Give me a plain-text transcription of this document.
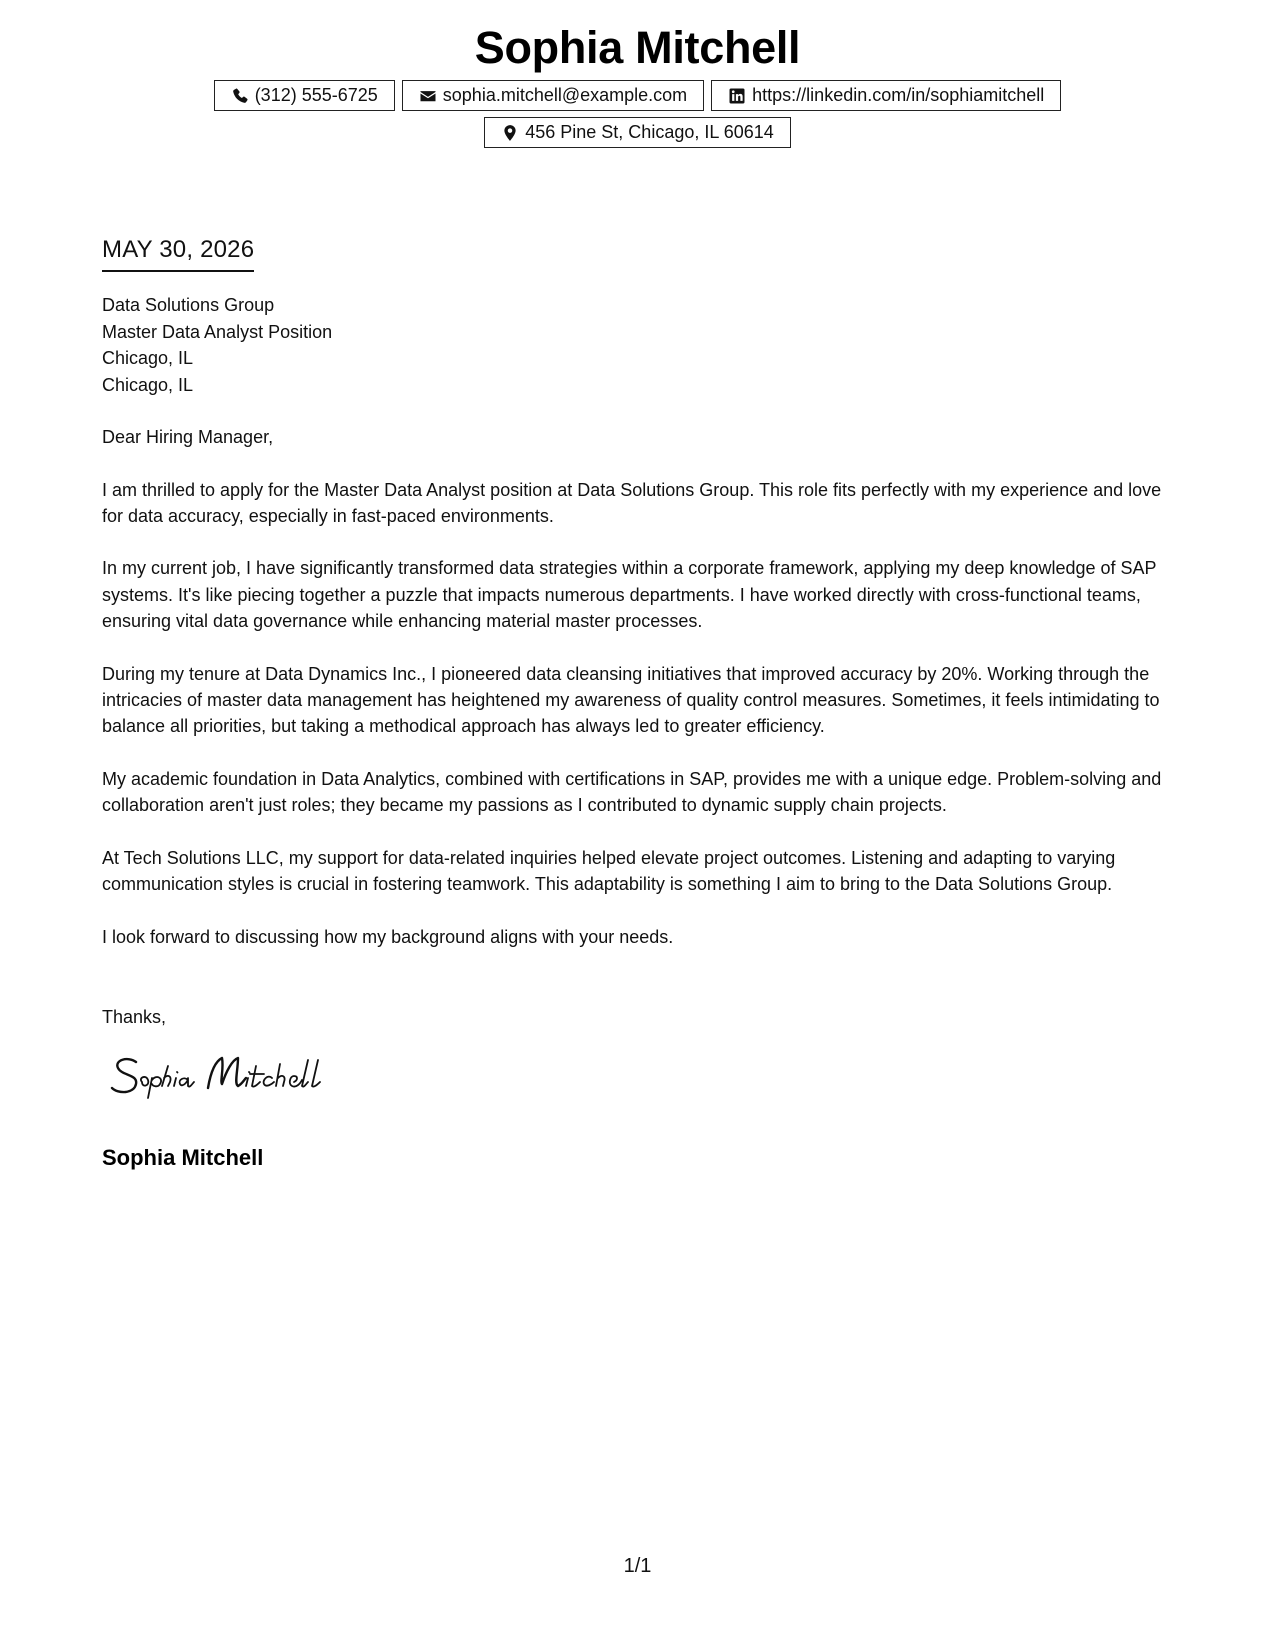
Sophia Mitchell
(312) 555-6725	sophia.mitchell@example.com	https://linkedin.com/in/sophiamitchell
456 Pine St, Chicago, IL 60614
MAY 30, 2026
Data Solutions Group
Master Data Analyst Position
Chicago, IL
Chicago, IL

Dear Hiring Manager,

I am thrilled to apply for the Master Data Analyst position at Data Solutions Group. This role fits perfectly with my experience and love for data accuracy, especially in fast-paced environments.

In my current job, I have significantly transformed data strategies within a corporate framework, applying my deep knowledge of SAP systems. It's like piecing together a puzzle that impacts numerous departments. I have worked directly with cross-functional teams, ensuring vital data governance while enhancing material master processes.

During my tenure at Data Dynamics Inc., I pioneered data cleansing initiatives that improved accuracy by 20%. Working through the intricacies of master data management has heightened my awareness of quality control measures. Sometimes, it feels intimidating to balance all priorities, but taking a methodical approach has always led to greater efficiency.

My academic foundation in Data Analytics, combined with certifications in SAP, provides me with a unique edge. Problem-solving and collaboration aren't just roles; they became my passions as I contributed to dynamic supply chain projects.

At Tech Solutions LLC, my support for data-related inquiries helped elevate project outcomes. Listening and adapting to varying communication styles is crucial in fostering teamwork. This adaptability is something I aim to bring to the Data Solutions Group.

I look forward to discussing how my background aligns with your needs.

Thanks,
Sophia Mitchell
1/1
